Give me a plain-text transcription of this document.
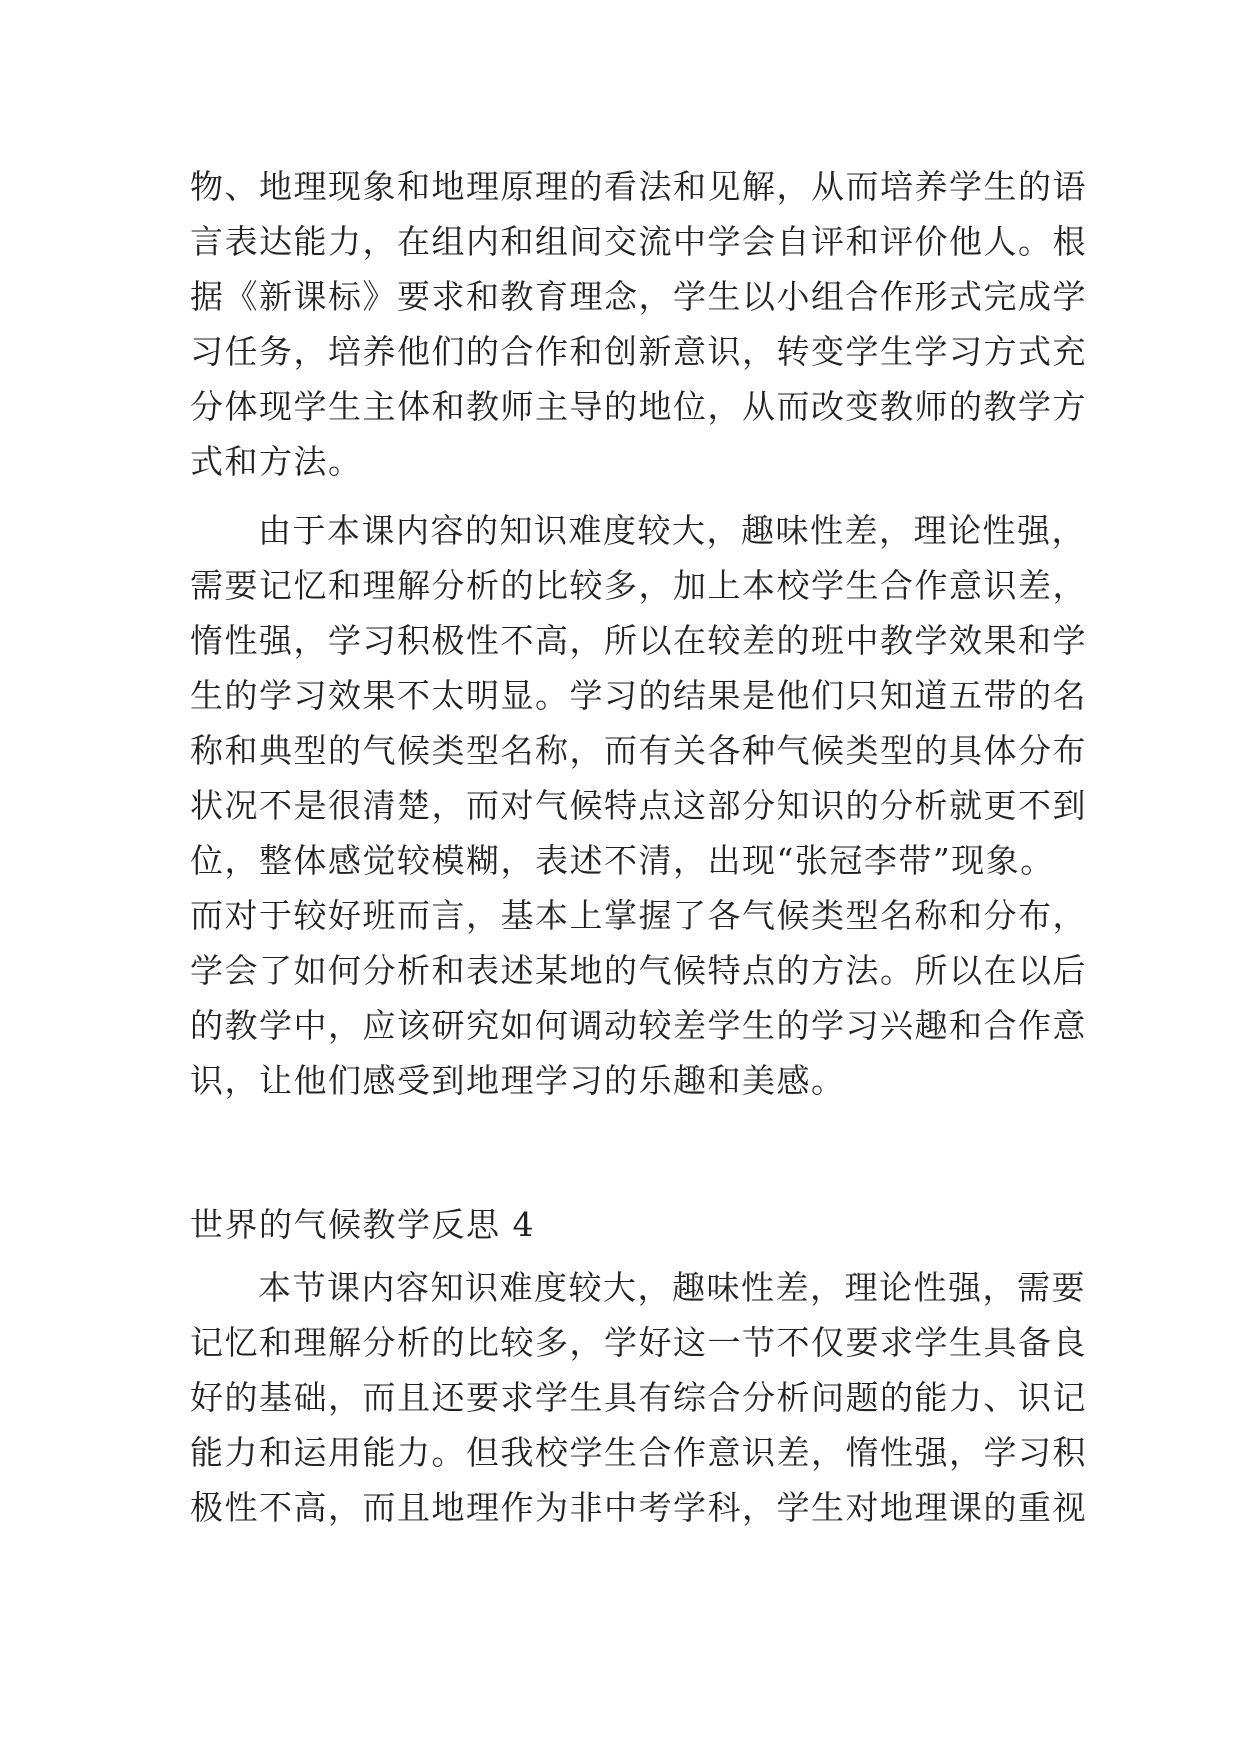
物、地理现象和地理原理的看法和见解，从而培养学生的语
言表达能力，在组内和组间交流中学会自评和评价他人。根
据《新课标》要求和教育理念，学生以小组合作形式完成学
习任务，培养他们的合作和创新意识，转变学生学习方式充
分体现学生主体和教师主导的地位，从而改变教师的教学方
式和方法。
由于本课内容的知识难度较大，趣味性差，理论性强，
需要记忆和理解分析的比较多，加上本校学生合作意识差，
惰性强，学习积极性不高，所以在较差的班中教学效果和学
生的学习效果不太明显。学习的结果是他们只知道五带的名
称和典型的气候类型名称，而有关各种气候类型的具体分布
状况不是很清楚，而对气候特点这部分知识的分析就更不到
位，整体感觉较模糊，表述不清，出现“张冠李带”现象。
而对于较好班而言，基本上掌握了各气候类型名称和分布，
学会了如何分析和表述某地的气候特点的方法。所以在以后
的教学中，应该研究如何调动较差学生的学习兴趣和合作意
识，让他们感受到地理学习的乐趣和美感。
世界的气候教学反思 4
本节课内容知识难度较大，趣味性差，理论性强，需要
记忆和理解分析的比较多，学好这一节不仅要求学生具备良
好的基础，而且还要求学生具有综合分析问题的能力、识记
能力和运用能力。但我校学生合作意识差，惰性强，学习积
极性不高，而且地理作为非中考学科，学生对地理课的重视
